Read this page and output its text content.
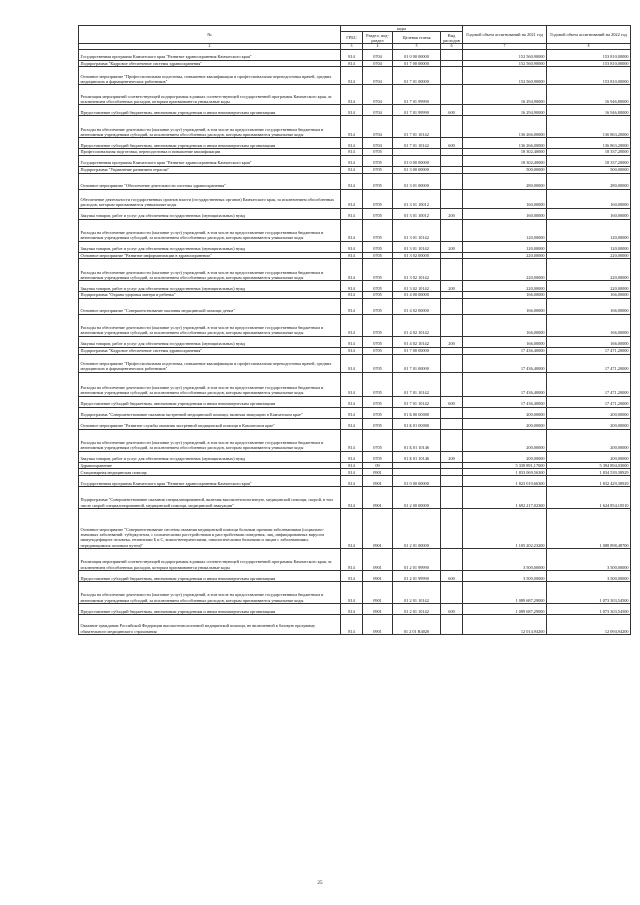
№	коды				Годовой объем ассигнований на 2021 год	Годовой объем ассигнований на 2022 год
	ГРБС	Раздел, под- раздел	Целевая статья	Вид расходов		
2	3	4	5	6	7	8
Государственная программа Камчатского края "Развитие здравоохранения Камчатского края"	814	0704	01 0 00 00000		152 560,90000	153 810,00000
Подпрограмма "Кадровое обеспечение системы здравоохранения"	814	0704	01 7 00 00000		152 560,90000	153 810,00000
Основное мероприятие "Профессиональная подготовка, повышение квалификации и профессиональная переподготовка врачей, средних медицинских и фармацевтических работников"	814	0704	01 7 01 00000		152 560,90000	153 810,00000
Реализация мероприятий соответствующей подпрограммы в рамках соответствующей государственной программы Камчатского края, за исключением обособленных расходов, которым присваиваются уникальные коды	814	0704	01 7 01 99990		16 294,90000	16 946,80000
Предоставление субсидий бюджетным, автономным учреждениям и иным некоммерческим организациям	814	0704	01 7 01 99990	600	16 294,90000	16 946,80000
Расходы на обеспечение деятельности (оказание услуг) учреждений, в том числе на предоставление государственным бюджетным и автономным учреждениям субсидий, за исключением обособленных расходов, которым присваиваются уникальные коды	814	0704	01 7 01 10142		136 266,00000	136 863,20000
Предоставление субсидий бюджетным, автономным учреждениям и иным некоммерческим организациям	814	0704	01 7 01 10142	600	136 266,00000	136 863,20000
Профессиональная подготовка, переподготовка и повышение квалификации	814	0705			18 302,40000	18 337,20000
Государственная программа Камчатского края "Развитие здравоохранения Камчатского края"	814	0705	01 0 00 00000		18 302,40000	18 337,20000
Подпрограмма "Управление развитием отрасли"	814	0705	01 3 00 00000		500,00000	500,00000
Основное мероприятие "Обеспечение деятельности системы здравоохранения"	814	0705	01 3 01 00000		280,00000	280,00000
Обеспечение деятельности государственных органов власти (государственных органов) Камчатского края, за исключением обособленных расходов, которым присваиваются уникальные коды	814	0705	01 3 01 10012		160,00000	160,00000
Закупка товаров, работ и услуг для обеспечения государственных (муниципальных) нужд	814	0705	01 3 01 10012	200	160,00000	160,00000
Расходы на обеспечение деятельности (оказание услуг) учреждений, в том числе на предоставление государственным бюджетным и автономным учреждениям субсидий, за исключением обособленных расходов, которым присваиваются уникальные коды	814	0705	01 3 01 10142		120,00000	120,00000
Закупка товаров, работ и услуг для обеспечения государственных (муниципальных) нужд	814	0705	01 3 01 10142	200	120,00000	120,00000
Основное мероприятие "Развитие информатизации в здравоохранении"	814	0705	01 3 02 00000		220,00000	220,00000
Расходы на обеспечение деятельности (оказание услуг) учреждений, в том числе на предоставление государственным бюджетным и автономным учреждениям субсидий, за исключением обособленных расходов, которым присваиваются уникальные коды	814	0705	01 3 02 10142		220,00000	220,00000
Закупка товаров, работ и услуг для обеспечения государственных (муниципальных) нужд	814	0705	01 3 02 10142	200	220,00000	220,00000
Подпрограмма "Охрана здоровья матери и ребенка"	814	0705	01 4 00 00000		166,00000	166,00000
Основное мероприятие "Совершенствование оказания медицинской помощи детям"	814	0705	01 4 02 00000		166,00000	166,00000
Расходы на обеспечение деятельности (оказание услуг) учреждений, в том числе на предоставление государственным бюджетным и автономным учреждениям субсидий, за исключением обособленных расходов, которым присваиваются уникальные коды	814	0705	01 4 02 10142		166,00000	166,00000
Закупка товаров, работ и услуг для обеспечения государственных (муниципальных) нужд	814	0705	01 4 02 10142	200	166,00000	166,00000
Подпрограмма "Кадровое обеспечение системы здравоохранения"	814	0705	01 7 00 00000		17 436,40000	17 471,20000
Основное мероприятие "Профессиональная подготовка, повышение квалификации и профессиональная переподготовка врачей, средних медицинских и фармацевтических работников"	814	0705	01 7 01 00000		17 436,40000	17 471,20000
Расходы на обеспечение деятельности (оказание услуг) учреждений, в том числе на предоставление государственным бюджетным и автономным учреждениям субсидий, за исключением обособленных расходов, которым присваиваются уникальные коды	814	0705	01 7 01 10142		17 436,40000	17 471,20000
Предоставление субсидий бюджетным, автономным учреждениям и иным некоммерческим организациям	814	0705	01 7 01 10142	600	17 436,40000	17 471,20000
Подпрограмма "Совершенствование оказания экстренной медицинской помощи, включая эвакуацию в Камчатском крае"	814	0705	01 Б 00 00000		200,00000	200,00000
Основное мероприятие "Развитие службы оказания экстренной медицинской помощи в Камчатском крае"	814	0705	01 Б 01 00000		200,00000	200,00000
Расходы на обеспечение деятельности (оказание услуг) учреждений, в том числе на предоставление государственным бюджетным и автономным учреждениям субсидий, за исключением обособленных расходов, которым присваиваются уникальные коды	814	0705	01 Б 01 10146		200,00000	200,00000
Закупка товаров, работ и услуг для обеспечения государственных (муниципальных) нужд	814	0705	01 Б 01 10146	200	200,00000	200,00000
Здравоохранение	814	09			5 339 891,17000	5 394 894,03000
Стационарная медицинская помощь	814	0901			1 833 069,56300	1 834 539,38929
Государственная программа Камчатского края "Развитие здравоохранения Камчатского края"	814	0901	01 0 00 00000		1 823 019,66300	1 832 429,38929
Подпрограмма "Совершенствование оказания специализированной, включая высокотехнологичную, медицинской помощи, скорой, в том числе скорой специализированной, медицинской помощи, медицинской эвакуации"	814	0901	01 2 00 00000		1 692 217,02300	1 624 854,10510
Основное мероприятие "Совершенствование системы оказания медицинской помощи больным прочими заболеваниями (социально-значимых заболеваний: туберкулезом, с психическими расстройствами и расстройствами поведения, лиц, инфицированных вирусом иммунодефицита человека, гепатитами Б и С, кожно-венерическими, онкологическими больными и лицам с заболеваниями, передающимися половым путем)"	814	0901	01 2 01 00000		1 105 202,23200	1 088 898,48700
Реализация мероприятий соответствующей подпрограммы в рамках соответствующей государственной программы Камчатского края, за исключением обособленных расходов, которым присваиваются уникальные коды	814	0901	01 2 01 99990		3 500,00000	3 500,00000
Предоставление субсидий бюджетным, автономным учреждениям и иным некоммерческим организациям	814	0901	01 2 01 99990	600	3 500,00000	3 500,00000
Расходы на обеспечение деятельности (оказание услуг) учреждений, в том числе на предоставление государственным бюджетным и автономным учреждениям субсидий, за исключением обособленных расходов, которым присваиваются уникальные коды	814	0901	01 2 01 10142		1 089 687,29000	1 073 303,54500
Предоставление субсидий бюджетным, автономным учреждениям и иным некоммерческим организациям	814	0901	01 2 01 10142	600	1 089 687,29000	1 073 303,54500
Оказание гражданам Российской Федерации высокотехнологичной медицинской помощи, не включенной в базовую программу обязательного медицинского страхования	814	0901	01 2 01 R4020		12 014,94200	12 094,94200
25
